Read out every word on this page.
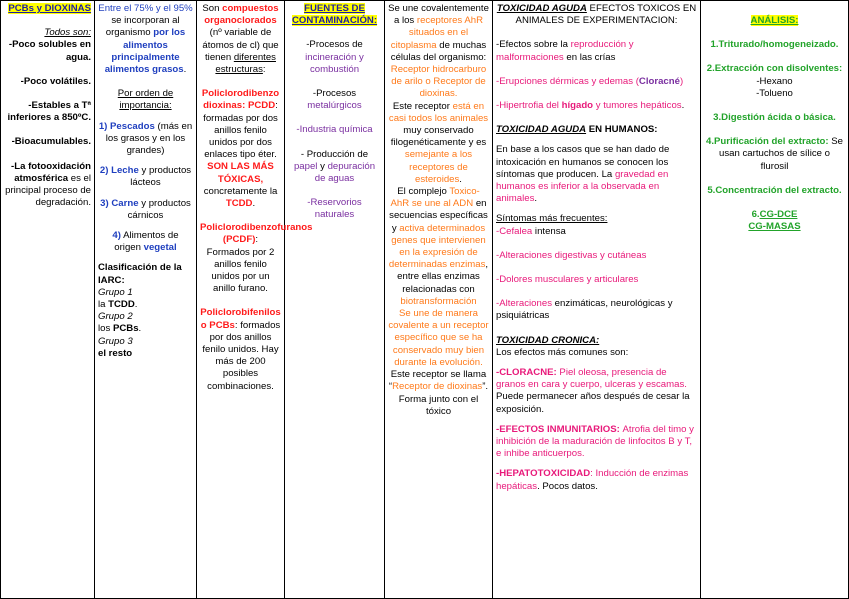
PCBs y DIOXINAS

Todos son:

-Poco solubles en agua.

-Poco volátiles.

-Estables a Tª inferiores a 850ºC.

-Bioacumulables.

-La fotooxidación atmosférica es el principal proceso de degradación.

Entre el 75% y el 95% se incorporan al organismo por los alimentos principalmente alimentos grasos.

Por orden de importancia:

1) Pescados (más en los grasos y en los grandes)

2) Leche y productos lácteos

3) Carne y productos cárnicos

4) Alimentos de origen vegetal

Clasificación de la IARC:

Grupo 1

la TCDD.

Grupo 2

los PCBs.

Grupo 3

el resto

Son compuestos organoclorados (nº variable de átomos de cl) que tienen diferentes estructuras:

Policlorodibenzo dioxinas: PCDD: formadas por dos anillos fenilo unidos por dos enlaces tipo éter. SON LAS MÁS TÓXICAS, concretamente la TCDD.

Policlorodibenzofuranos (PCDF): Formados por 2 anillos fenilo unidos por un anillo furano.

Policlorobifenilos o PCBs: formados por dos anillos fenilo unidos. Hay más de 200 posibles combinaciones.

FUENTES DE CONTAMINACIÓN:

-Procesos de incineración y combustión

-Procesos metalúrgicos

-Industria química

- Producción de papel y depuración de aguas

-Reservorios naturales

Se une covalentemente a los receptores AhR situados en el citoplasma de muchas células del organismo: Receptor hidrocarburo de arilo o Receptor de dioxinas.

Este receptor está en casi todos los animales muy conservado filogenéticamente y es semejante a los receptores de esteroides.

El complejo Toxico-AhR se une al ADN en secuencias específicas y activa determinados genes que intervienen en la expresión de determinadas enzimas, entre ellas enzimas relacionadas con biotransformación

Se une de manera covalente a un receptor específico que se ha conservado muy bien durante la evolución.

Este receptor se llama “Receptor de dioxinas”. Forma junto con el tóxico

TOXICIDAD AGUDA EFECTOS TOXICOS EN ANIMALES DE EXPERIMENTACION:

-Efectos sobre la reproducción y malformaciones en las crías

-Erupciones dérmicas y edemas (Cloracné)

-Hipertrofia del hígado y tumores hepáticos.

TOXICIDAD AGUDA EN HUMANOS:

En base a los casos que se han dado de intoxicación en humanos se conocen los síntomas que producen. La gravedad en humanos es inferior a la observada en animales.

Síntomas más frecuentes:

-Cefalea intensa

-Alteraciones digestivas y cutáneas

-Dolores musculares y articulares

-Alteraciones enzimáticas, neurológicas y psiquiátricas

TOXICIDAD CRONICA:

Los efectos más comunes son:

-CLORACNE: Piel oleosa, presencia de granos en cara y cuerpo, ulceras y escamas. Puede permanecer años después de cesar la exposición.

-EFECTOS INMUNITARIOS: Atrofia del timo y inhibición de la maduración de linfocitos B y T, e inhibe anticuerpos.

-HEPATOTOXICIDAD: Inducción de enzimas hepáticas. Pocos datos.

ANÁLISIS:

1.Triturado/homogeneizado.

2.Extracción con disolventes:

-Hexano

-Tolueno

3.Digestión ácida o básica.

4.Purificación del extracto: Se usan cartuchos de sílice o flurosil

5.Concentración del extracto.

6.CG-DCE

CG-MASAS
